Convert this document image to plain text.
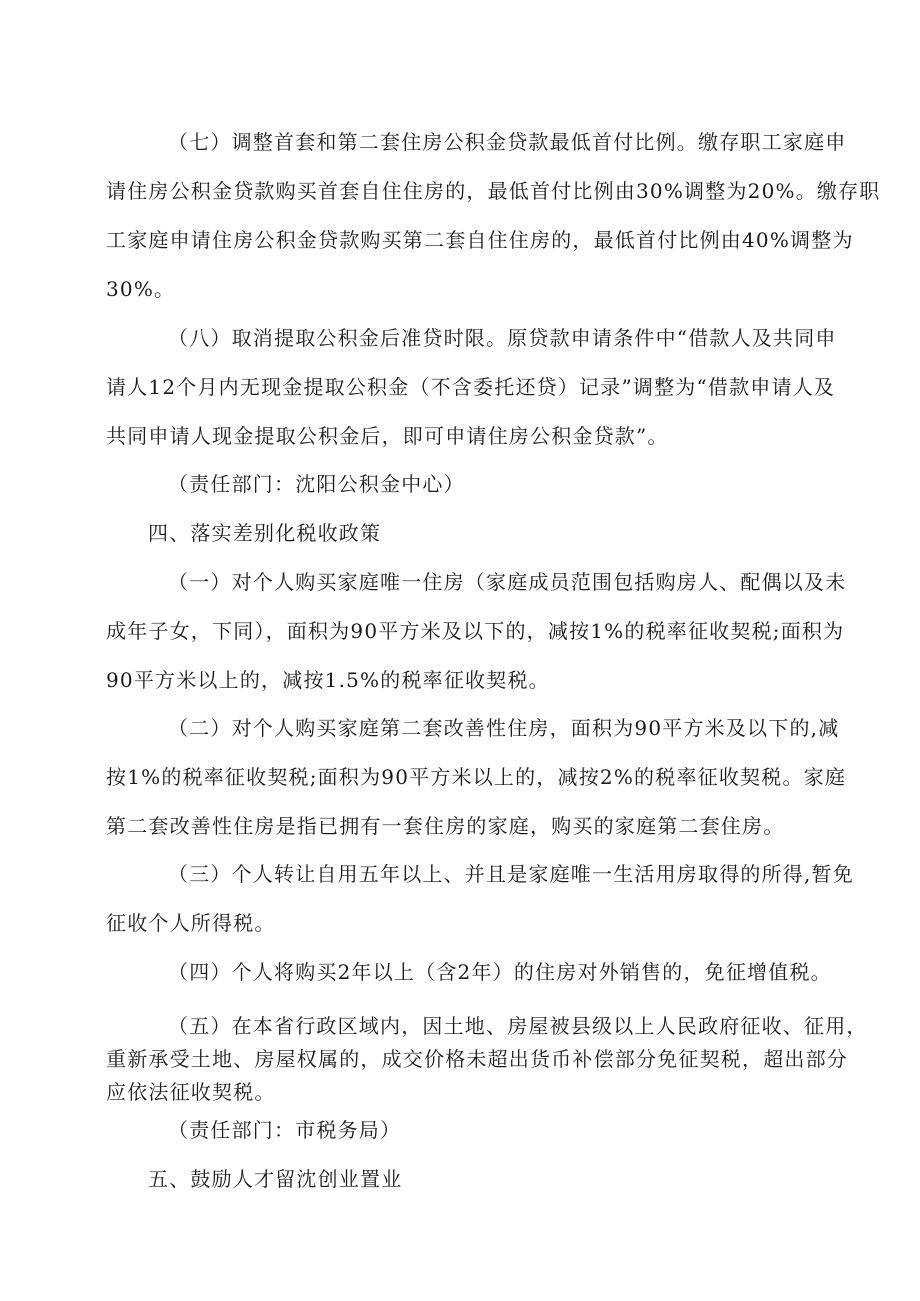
（七）调整首套和第二套住房公积金贷款最低首付比例。缴存职工家庭申
请住房公积金贷款购买首套自住住房的，最低首付比例由30%调整为20%。缴存职
工家庭申请住房公积金贷款购买第二套自住住房的，最低首付比例由40%调整为
30%。
（八）取消提取公积金后准贷时限。原贷款申请条件中“借款人及共同申
请人12个月内无现金提取公积金（不含委托还贷）记录”调整为“借款申请人及
共同申请人现金提取公积金后，即可申请住房公积金贷款”。
（责任部门：沈阳公积金中心）
四、落实差别化税收政策
（一）对个人购买家庭唯一住房（家庭成员范围包括购房人、配偶以及未
成年子女，下同），面积为90平方米及以下的，减按1%的税率征收契税;面积为
90平方米以上的，减按1.5%的税率征收契税。
（二）对个人购买家庭第二套改善性住房，面积为90平方米及以下的,减
按1%的税率征收契税;面积为90平方米以上的，减按2%的税率征收契税。家庭
第二套改善性住房是指已拥有一套住房的家庭，购买的家庭第二套住房。
（三）个人转让自用五年以上、并且是家庭唯一生活用房取得的所得,暂免
征收个人所得税。
（四）个人将购买2年以上（含2年）的住房对外销售的，免征增值税。
（五）在本省行政区域内，因土地、房屋被县级以上人民政府征收、征用，
重新承受土地、房屋权属的，成交价格未超出货币补偿部分免征契税，超出部分
应依法征收契税。
（责任部门：市税务局）
五、鼓励人才留沈创业置业
